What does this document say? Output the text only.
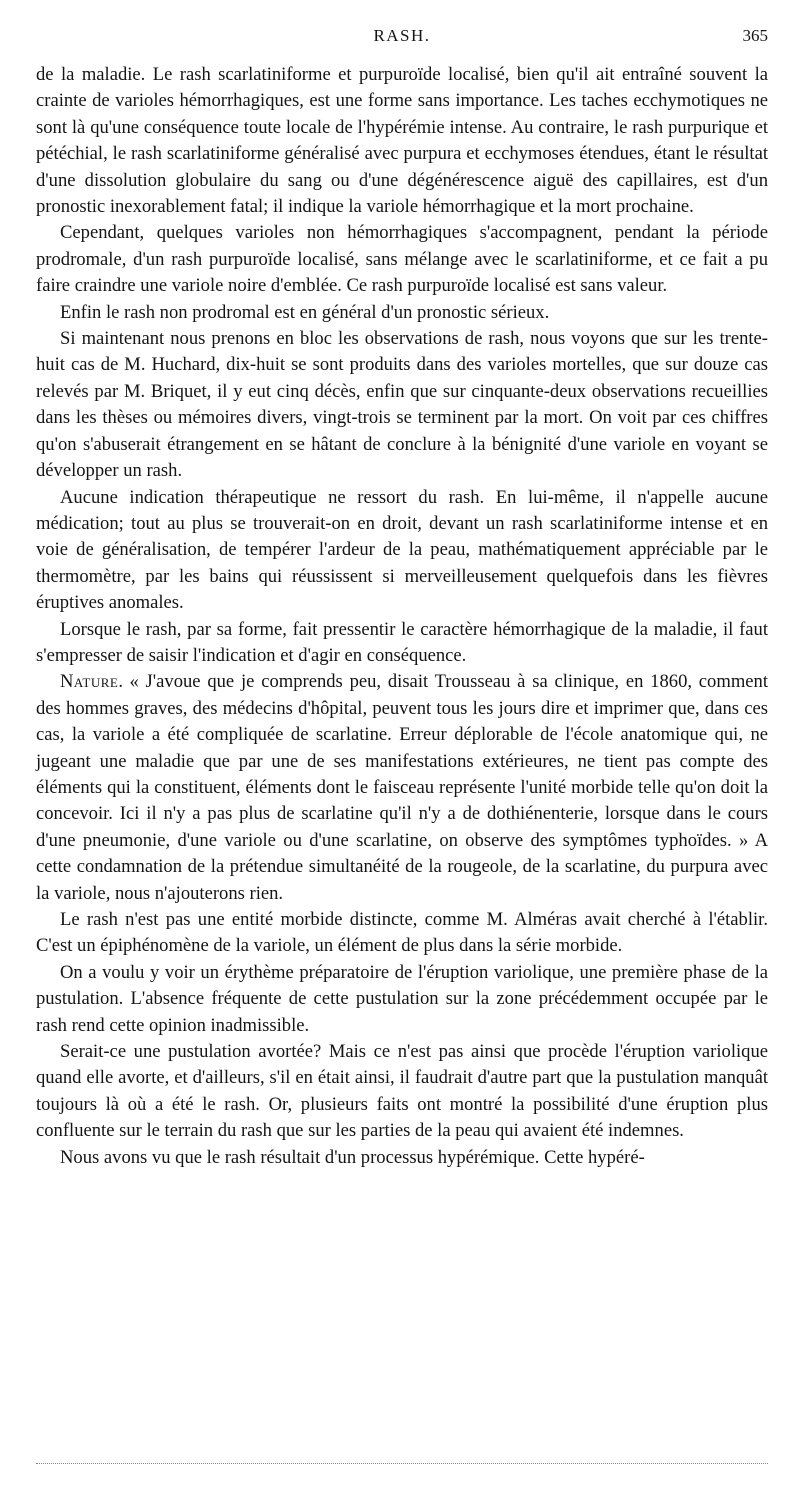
RASH.	365

de la maladie. Le rash scarlatiniforme et purpuroïde localisé, bien qu'il ait entraîné souvent la crainte de varioles hémorrhagiques, est une forme sans importance. Les taches ecchymotiques ne sont là qu'une conséquence toute locale de l'hypérémie intense. Au contraire, le rash purpurique et pétéchial, le rash scarlatiniforme généralisé avec purpura et ecchymoses étendues, étant le résultat d'une dissolution globulaire du sang ou d'une dégénérescence aiguë des capillaires, est d'un pronostic inexorablement fatal; il indique la variole hémorrhagique et la mort prochaine.

Cependant, quelques varioles non hémorrhagiques s'accompagnent, pendant la période prodromale, d'un rash purpuroïde localisé, sans mélange avec le scarlatiniforme, et ce fait a pu faire craindre une variole noire d'emblée. Ce rash purpuroïde localisé est sans valeur.

Enfin le rash non prodromal est en général d'un pronostic sérieux.

Si maintenant nous prenons en bloc les observations de rash, nous voyons que sur les trente-huit cas de M. Huchard, dix-huit se sont produits dans des varioles mortelles, que sur douze cas relevés par M. Briquet, il y eut cinq décès, enfin que sur cinquante-deux observations recueillies dans les thèses ou mémoires divers, vingt-trois se terminent par la mort. On voit par ces chiffres qu'on s'abuserait étrangement en se hâtant de conclure à la bénignité d'une variole en voyant se développer un rash.

Aucune indication thérapeutique ne ressort du rash. En lui-même, il n'appelle aucune médication; tout au plus se trouverait-on en droit, devant un rash scarlatiniforme intense et en voie de généralisation, de tempérer l'ardeur de la peau, mathématiquement appréciable par le thermomètre, par les bains qui réussissent si merveilleusement quelquefois dans les fièvres éruptives anomales.

Lorsque le rash, par sa forme, fait pressentir le caractère hémorrhagique de la maladie, il faut s'empresser de saisir l'indication et d'agir en conséquence.

Nature. « J'avoue que je comprends peu, disait Trousseau à sa clinique, en 1860, comment des hommes graves, des médecins d'hôpital, peuvent tous les jours dire et imprimer que, dans ces cas, la variole a été compliquée de scarlatine. Erreur déplorable de l'école anatomique qui, ne jugeant une maladie que par une de ses manifestations extérieures, ne tient pas compte des éléments qui la constituent, éléments dont le faisceau représente l'unité morbide telle qu'on doit la concevoir. Ici il n'y a pas plus de scarlatine qu'il n'y a de dothiénenterie, lorsque dans le cours d'une pneumonie, d'une variole ou d'une scarlatine, on observe des symptômes typhoïdes. » A cette condamnation de la prétendue simultanéité de la rougeole, de la scarlatine, du purpura avec la variole, nous n'ajouterons rien.

Le rash n'est pas une entité morbide distincte, comme M. Alméras avait cherché à l'établir. C'est un épiphénomène de la variole, un élément de plus dans la série morbide.

On a voulu y voir un érythème préparatoire de l'éruption variolique, une première phase de la pustulation. L'absence fréquente de cette pustulation sur la zone précédemment occupée par le rash rend cette opinion inadmissible.

Serait-ce une pustulation avortée? Mais ce n'est pas ainsi que procède l'éruption variolique quand elle avorte, et d'ailleurs, s'il en était ainsi, il faudrait d'autre part que la pustulation manquât toujours là où a été le rash. Or, plusieurs faits ont montré la possibilité d'une éruption plus confluente sur le terrain du rash que sur les parties de la peau qui avaient été indemnes.

Nous avons vu que le rash résultait d'un processus hypérémique. Cette hypéré-
